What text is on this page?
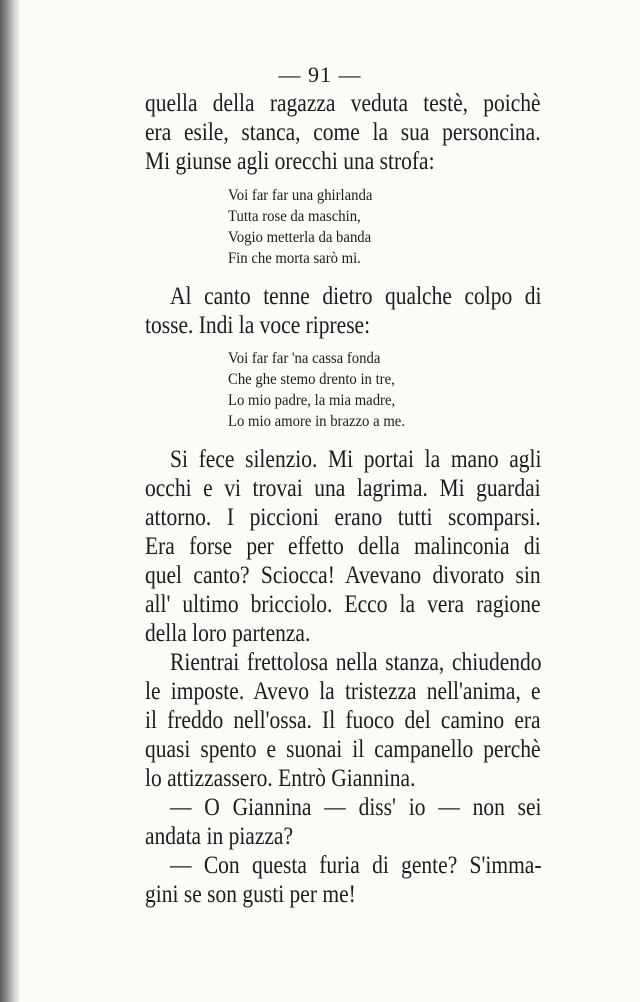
— 91 —
quella della ragazza veduta testè, poichè
era esile, stanca, come la sua personcina.
Mi giunse agli orecchi una strofa:
Voi far far una ghirlanda
Tutta rose da maschin,
Vogio metterla da banda
Fin che morta sarò mi.
Al canto tenne dietro qualche colpo di
tosse. Indi la voce riprese:
Voi far far 'na cassa fonda
Che ghe stemo drento in tre,
Lo mio padre, la mia madre,
Lo mio amore in brazzo a me.
Si fece silenzio. Mi portai la mano agli
occhi e vi trovai una lagrima. Mi guardai
attorno. I piccioni erano tutti scomparsi.
Era forse per effetto della malinconia di
quel canto? Sciocca! Avevano divorato sin
all' ultimo bricciolo. Ecco la vera ragione
della loro partenza.
Rientrai frettolosa nella stanza, chiudendo
le imposte. Avevo la tristezza nell'anima, e
il freddo nell'ossa. Il fuoco del camino era
quasi spento e suonai il campanello perchè
lo attizzassero. Entrò Giannina.
— O Giannina — diss' io — non sei
andata in piazza?
— Con questa furia di gente? S'imma-
gini se son gusti per me!
